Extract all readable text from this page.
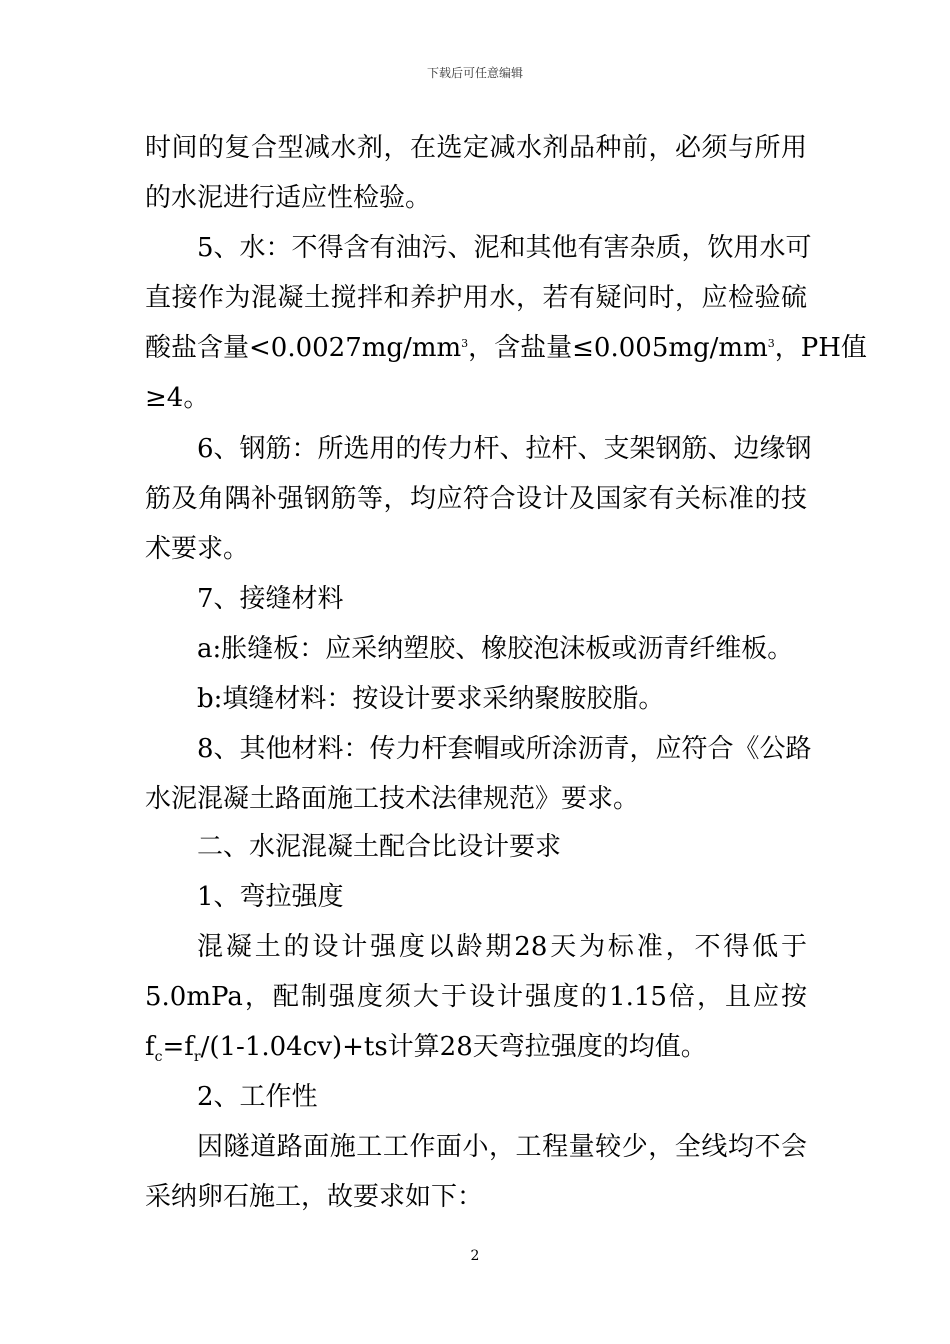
下载后可任意编辑
时间的复合型减水剂，在选定减水剂品种前，必须与所用
的水泥进行适应性检验。
5、水：不得含有油污、泥和其他有害杂质，饮用水可
直接作为混凝土搅拌和养护用水，若有疑问时，应检验硫
酸盐含量$<0.0027mg/mm^3$，含盐量$\le 0.005mg/mm^3$，PH值
≥4。
6、钢筋：所选用的传力杆、拉杆、支架钢筋、边缘钢
筋及角隅补强钢筋等，均应符合设计及国家有关标准的技
术要求。
7、接缝材料
a:胀缝板：应采纳塑胶、橡胶泡沫板或沥青纤维板。
b:填缝材料：按设计要求采纳聚胺胶脂。
8、其他材料：传力杆套帽或所涂沥青，应符合《公路
水泥混凝土路面施工技术法律规范》要求。
二、水泥混凝土配合比设计要求
1、弯拉强度
混凝土的设计强度以龄期28天为标准，不得低于
5.0mPa，配制强度须大于设计强度的1.15倍，且应按
$f_c=f_r/(1-1.04cv)+ts$计算28天弯拉强度的均值。
2、工作性
因隧道路面施工工作面小，工程量较少，全线均不会
采纳卵石施工，故要求如下：
2
